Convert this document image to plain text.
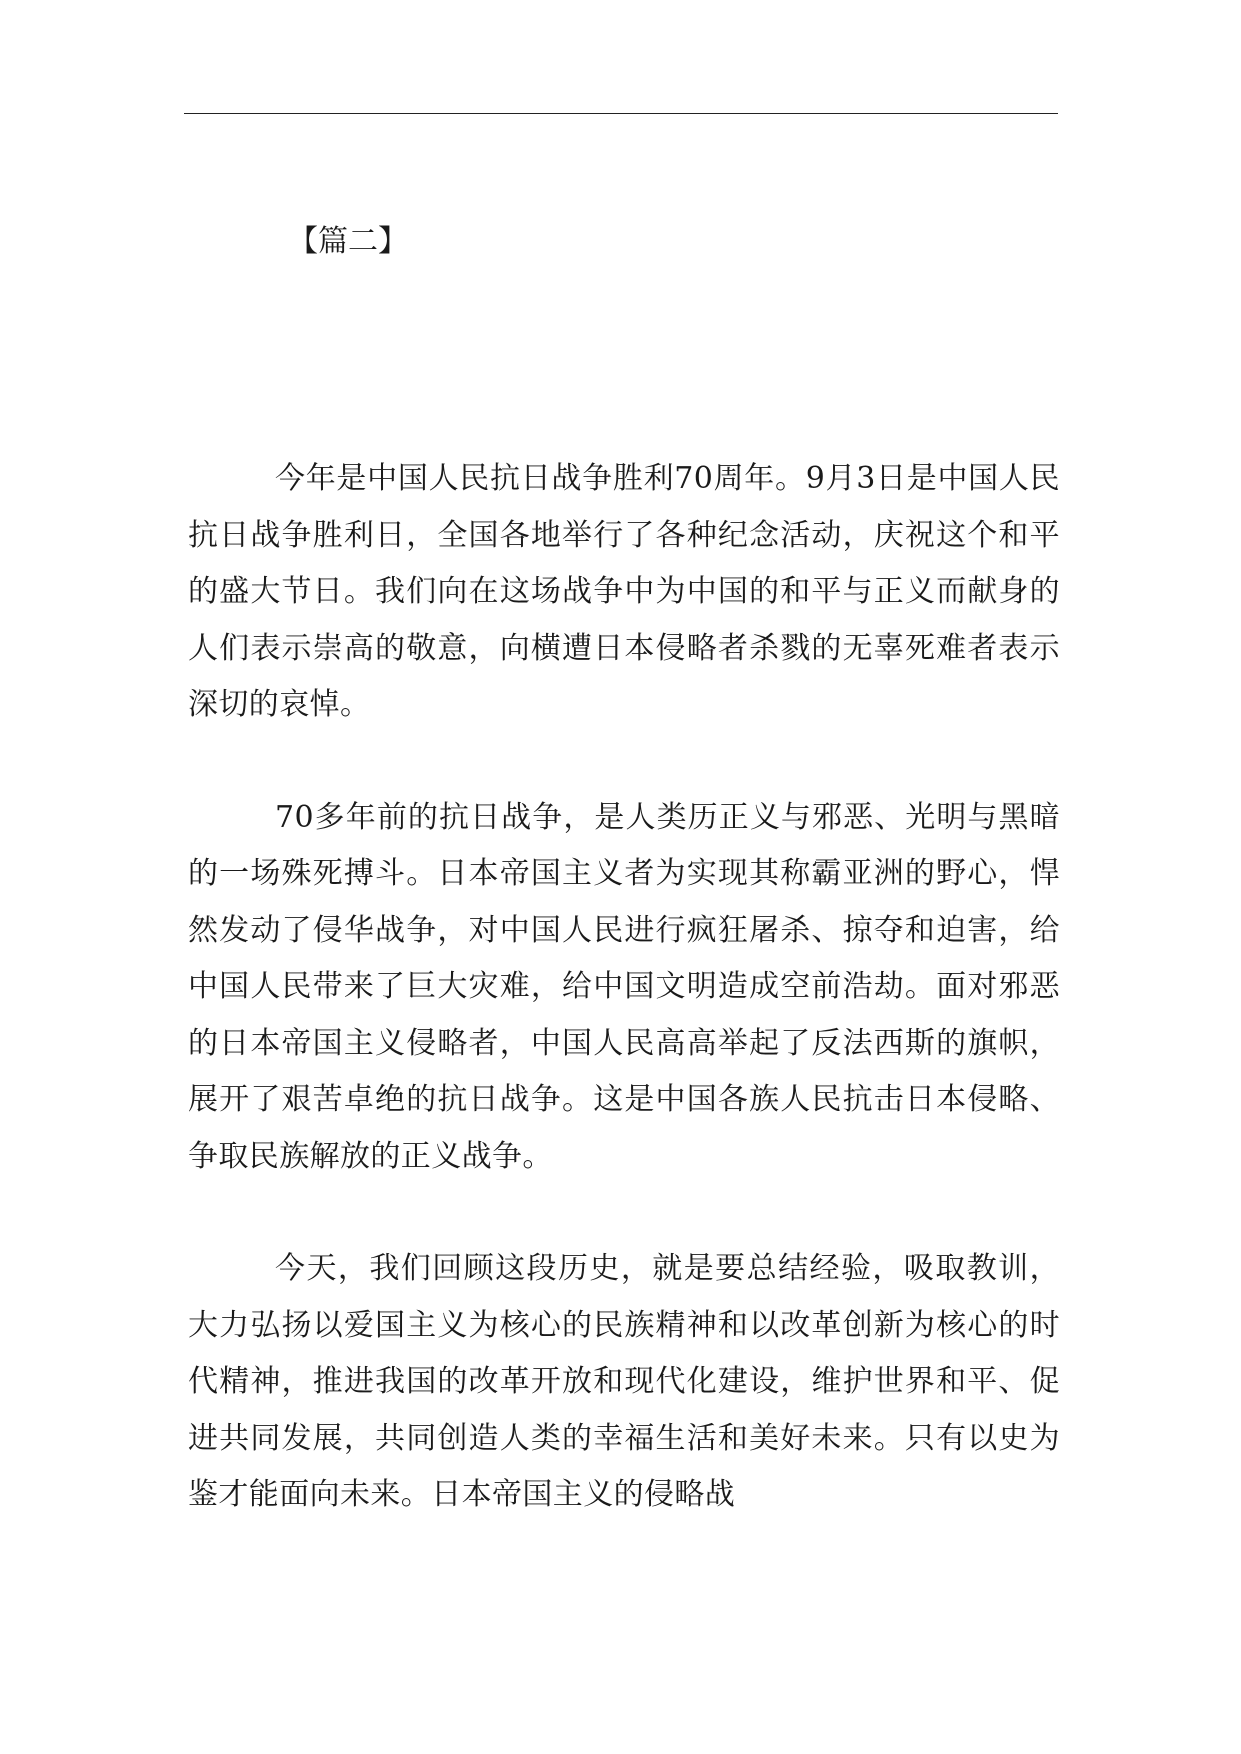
【篇二】

今年是中国人民抗日战争胜利70周年。9月3日是中国人民抗日战争胜利日，全国各地举行了各种纪念活动，庆祝这个和平的盛大节日。我们向在这场战争中为中国的和平与正义而献身的人们表示崇高的敬意，向横遭日本侵略者杀戮的无辜死难者表示深切的哀悼。

70多年前的抗日战争，是人类历正义与邪恶、光明与黑暗的一场殊死搏斗。日本帝国主义者为实现其称霸亚洲的野心，悍然发动了侵华战争，对中国人民进行疯狂屠杀、掠夺和迫害，给中国人民带来了巨大灾难，给中国文明造成空前浩劫。面对邪恶的日本帝国主义侵略者，中国人民高高举起了反法西斯的旗帜，展开了艰苦卓绝的抗日战争。这是中国各族人民抗击日本侵略、争取民族解放的正义战争。

今天，我们回顾这段历史，就是要总结经验，吸取教训，大力弘扬以爱国主义为核心的民族精神和以改革创新为核心的时代精神，推进我国的改革开放和现代化建设，维护世界和平、促进共同发展，共同创造人类的幸福生活和美好未来。只有以史为鉴才能面向未来。日本帝国主义的侵略战
